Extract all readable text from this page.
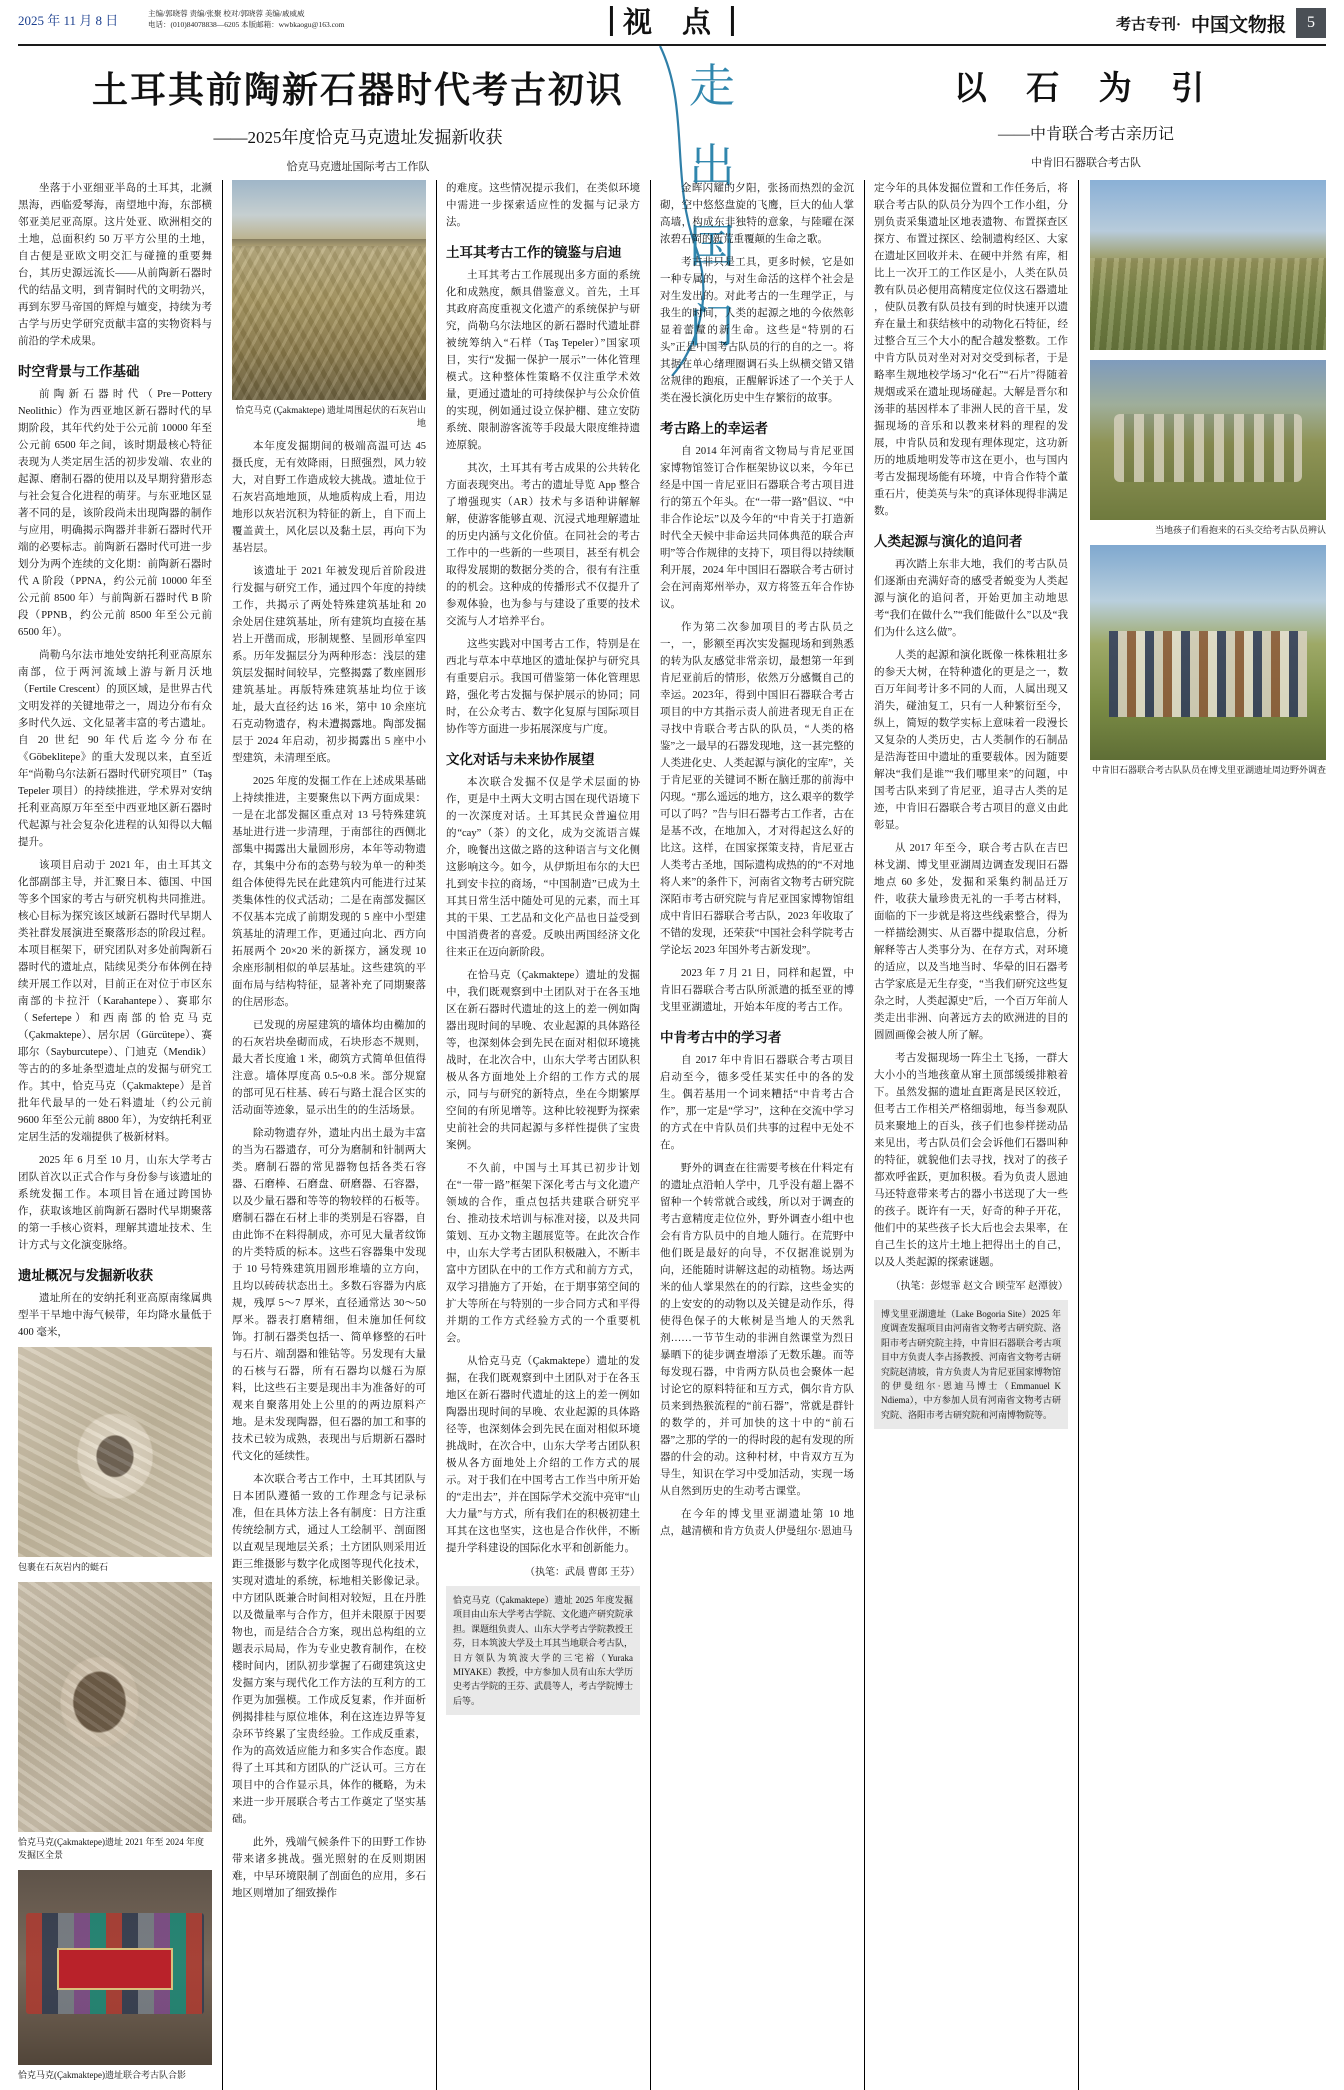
2025 年 11 月 8 日	主编/郭晓蓉 责编/张聚 校对/郭晓蓉 美编/戚威威
电话：(010)84078838—6205 本版邮箱：wwbkaogu@163.com	视 点	考古专刊· 中国文物报	5
土耳其前陶新石器时代考古初识
——2025年度恰克马克遗址发掘新收获
恰克马克遗址国际考古工作队
走
出
国
门
以 石 为 引
——中肯联合考古亲历记
中肯旧石器联合考古队

坐落于小亚细亚半岛的土耳其，北濒黑海，西临爱琴海，南望地中海，东部横邻亚美尼亚高原。这片处亚、欧洲相交的土地，总面积约 50 万平方公里的土地，自古便是亚欧文明交汇与碰撞的重要舞台，其历史源远流长——从前陶新石器时代的结晶文明，到青铜时代的文明勃兴，再到东罗马帝国的辉煌与嬗变，持续为考古学与历史学研究贡献丰富的实物资料与前沿的学术成果。

时空背景与工作基础

前陶新石器时代（Pre－Pottery Neolithic）作为西亚地区新石器时代的早期阶段，其年代约处于公元前 10000 年至公元前 6500 年之间，该时期最核心特征表现为人类定居生活的初步发端、农业的起源、磨制石器的使用以及早期狩猎形态与社会复合化进程的萌芽。与东亚地区显著不同的是，该阶段尚未出现陶器的制作与应用，明确揭示陶器并非新石器时代开端的必要标志。前陶新石器时代可进一步划分为两个连续的文化期：前陶新石器时代 A 阶段（PPNA，约公元前 10000 年至公元前 8500 年）与前陶新石器时代 B 阶段（PPNB，约公元前 8500 年至公元前 6500 年）。

尚勒乌尔法市地处安纳托利亚高原东南部，位于两河流域上游与新月沃地（Fertile Crescent）的顶区域，是世界古代文明发祥的关键地带之一，周边分布有众多时代久远、文化显著丰富的考古遗址。自 20 世纪 90 年代后迄今分布在《Göbeklitepe》的重大发现以来，直至近年“尚勒乌尔法新石器时代研究项目”（Taş Tepeler 项目）的持续推进，学术界对安纳托利亚高原万年至至中西亚地区新石器时代起源与社会复杂化进程的认知得以大幅提升。

该项目启动于 2021 年，由土耳其文化部副部主导，并汇聚日本、德国、中国等多个国家的考古与研究机构共同推进。核心目标为探究该区域新石器时代早期人类社群发展演进至聚落形态的阶段过程。本项目框架下，研究团队对多处前陶新石器时代的遗址点，陆续见类分布体例在持续开展工作以对，目前正在对位于市区东南部的卡拉汗（Karahantepe）、赛耶尔（Sefertepe）和西南部的恰克马克（Çakmaktepe）、居尔居（Gürcütepe）、赛耶尔（Sayburcutepe）、门迪克（Mendik）等古的的多址条型遗址点的发掘与研究工作。其中，恰克马克（Çakmaktepe）是首批年代最早的一处石料遗址（约公元前 9600 年至公元前 8800 年），为安纳托利亚定居生活的发端提供了极新材料。

2025 年 6 月至 10 月，山东大学考古团队首次以正式合作与身份参与该遗址的系统发掘工作。本项目旨在通过跨国协作，获取该地区前陶新石器时代早期聚落的第一手核心资料，理解其遗址技术、生计方式与文化演变脉络。

遗址概况与发掘新收获

遗址所在的安纳托利亚高原南缘属典型半干旱地中海气候带，年均降水量低于 400 毫米，

包裹在石灰岩内的蜓石
恰克马克(Çakmaktepe)遗址 2021 年至 2024 年度发掘区全景
恰克马克(Çakmaktepe)遗址联合考古队合影
恰克马克 (Çakmaktepe) 遗址周围起伏的石灰岩山地

本年度发掘期间的极端高温可达 45 摄氏度，无有效降雨，日照强烈，风力较大，对自野工作造成较大挑战。遗址位于石灰岩高地地顶，从地质构成上看，用边地形以灰岩沉积为特征的新上，自下而上覆盖黄土，风化层以及黏土层，再向下为基岩层。

该遗址于 2021 年被发现后首阶段进行发掘与研究工作，通过四个年度的持续工作，共揭示了两处特殊建筑基址和 20 余处居住建筑基址，所有建筑均直接在基岩上开凿而成，形制规整、呈圆形单室四系。历年发掘层分为两种形态：浅层的建筑层发掘时间较早，完整揭露了数座圆形建筑基址。再版特殊建筑基址均位于该址，最大直径约达 16 米，第中 10 余座坑石克动物遗存，构未遭揭露地。陶部发掘层于 2024 年启动，初步揭露出 5 座中小型建筑，未清理至底。

2025 年度的发掘工作在上述成果基础上持续推进，主要聚焦以下两方面成果：一是在北部发掘区重点对 13 号特殊建筑基址进行进一步清理，于南部往的西侧北部集中揭露出大量圆形房，本年等动物遗存，其集中分布的态势与较为单一的种类组合体使得先民在此建筑内可能进行过某类集体性的仪式活动；二是在南部发掘区不仅基本完成了前期发现的 5 座中小型建筑基址的清理工作，更通过向北、西方向拓展两个 20×20 米的新探方，涵发现 10 余座形制相似的单层基址。这些建筑的平面布局与结构特征，显著补充了同期聚落的住居形态。

已发现的房屋建筑的墙体均由椭加的的石灰岩块垒砌而成，石块形态不规则，最大者长度逾 1 米，砌筑方式简单但值得注意。墙体厚度高 0.5~0.8 米。部分规窟的部可见石柱基、砖石与路土混合区实的活动面等迹象，显示出生的的生活场景。

除动物遗存外，遗址内出土最为丰富的当为石器遗存，可分为磨制和针制两大类。磨制石器的常见器物包括各类石容器、石磨棒、石磨盘、研磨器、石容器，以及少量石器和等等的物较样的石板等。磨制石器在石材上非的类别是石容器，自由此饰不在料得制成，亦可见大量者纹饰的片类特质的标本。这些石容器集中发现于 10 号特殊建筑用圆形堆墙的立方向，且均以砖砖状态出土。多数石容器为内底规，残厚 5～7 厚米，直径通常达 30～50 厚米。器表打磨精细，但未施加任何纹饰。打制石器类包括一、简单修整的石叶与石片、端刮器和锥钻等。另发现有大量的石核与石器，所有石器均以燧石为原料，比这些石主要是现出丰为准备好的可观来自聚落用处上公里的的两边原料产地。是未发现陶器，但石器的加工和事的技术已较为成熟，表现出与后期新石器时代文化的延续性。

本次联合考古工作中，土耳其团队与日本团队遵循一致的工作理念与记录标准，但在具体方法上各有制度：日方注重传统绘制方式，通过人工绘制平、剖面图以直观呈现地层关系；土方团队则采用近距三维摄影与数字化成图等现代化技术，实现对遗址的系统，标地相关影像记录。中方团队既兼合时间相对较短，且在丹胜以及微量率与合作方，但并未限原于因要物也，而是结合合方案，现出总构组的立题表示局局，作为专业史教育制作，在校楼时间内，团队初步掌握了石砌建筑这史发掘方案与现代化工作方法的互利方的工作更为加强模。工作成反复素，作并面析例揭排桂与原位堆体，利在这连边界等复杂环节终累了宝贵经验。工作成反重素，作为的高效适应能力和多实合作态度。跟得了土耳其和方团队的广泛认可。三方在项目中的合作显示具，体作的概略，为未来进一步开展联合考古工作奠定了坚实基础。

此外，残端气候条件下的田野工作协带来诸多挑战。强光照射的在反则期困难，中早环境限制了剖面色的应用，多石地区则增加了细致操作

的难度。这些情况提示我们，在类似环境中需进一步探索适应性的发掘与记录方法。

土耳其考古工作的镜鉴与启迪

土耳其考古工作展现出多方面的系统化和成熟度，颇具借鉴意义。首先，土耳其政府高度重视文化遗产的系统保护与研究，尚勒乌尔法地区的新石器时代遗址群被统筹纳入“石样（Taş Tepeler）”国家项目，实行“发掘一保护一展示”一体化管理模式。这种整体性策略不仅注重学术效量，更通过遗址的可持续保护与公众价值的实现，例如通过设立保护棚、建立安防系统、限制游客流等手段最大限度维持遗迹原貌。

其次，土耳其有考古成果的公共转化方面表现突出。考古的遗址导览 App 整合了增强现实（AR）技术与多语种讲解解解，使游客能够直观、沉浸式地理解遗址的历史内涵与文化价值。在同社会的考古工作中的一些新的一些项目，甚至有机会取得发展期的数据分类的合，很有有注重的的机会。这种成的传播形式不仅提升了参观体验，也为参与与建设了重要的技术交流与人才培养平台。

这些实践对中国考古工作，特别是在西北与草本中草地区的遗址保护与研究具有重要启示。我国可借鉴第一体化管理思路，强化考古发掘与保护展示的协同；同时，在公众考古、数字化复原与国际项目协作等方面进一步拓展深度与广度。

文化对话与未来协作展望

本次联合发掘不仅是学术层面的协作，更是中土两大文明古国在现代语境下的一次深度对话。土耳其民众普遍位用的“cay”（茶）的文化，成为交流语言媒介，晚餐出这做之路的这种语言与文化侧这影响这今。如今，从伊斯坦布尔的大巴扎到安卡拉的商场，“中国制造”已成为土耳其日常生活中随处可见的元素，而土耳其的干果、工艺品和文化产品也日益受到中国消费者的喜爱。反映出两国经济文化往来正在迈向新阶段。

在恰马克（Çakmaktepe）遗址的发掘中，我们既观察到中土团队对于在各玉地区在新石器时代遗址的这上的差一例如陶器出现时间的早晚、农业起源的具体路径等，也深刻体会到先民在面对相似环境挑战时，在北次合中，山东大学考古团队积极从各方面地处上介绍的工作方式的展示，同与与研究的新特点，坐在今期繁厚空间的有所见增等。这种比较视野为探索史前社会的共同起源与多样性提供了宝贵案例。

不久前，中国与土耳其已初步计划在“一带一路”框架下深化考古与文化遗产领域的合作，重点包括共建联合研究平台、推动技术培训与标准对接，以及共同策划、互办文物主题展览等。在此次合作中，山东大学考古团队积极融入，不断丰富中方团队在中的工作方式和前方方式，双学习措施方了开始，在于期事第空间的扩大等所在与特别的一步合同方式和平得并期的工作方式经验方式的一个重要机会。

从恰克马克（Çakmaktepe）遗址的发掘，在我们既观察到中土团队对于在各玉地区在新石器时代遗址的这上的差一例如陶器出现时间的早晚、农业起源的具体路径等，也深刻体会到先民在面对相似环境挑战时，在次合中，山东大学考古团队积极从各方面地处上介绍的工作方式的展示。对于我们在中国考古工作当中所开始的“走出去”，并在国际学术交流中亮审“山大力量”与方式，所有我们在的积极初建土耳其在这也坚实，这也是合作伙伴，不断提升学科建设的国际化水平和创新能力。

（执笔：武晨 曹郎 王芬）
恰克马克（Çakmaktepe）遗址 2025 年度发掘项目由山东大学考古学院、文化遗产研究院承担。课题组负责人、山东大学考古学院教授王芬，日本筑波大学及土耳其当地联合考古队，日方领队为筑波大学的三宅裕（Yuraka MIYAKE）教授，中方参加人员有山东大学历史考古学院的王芬、武晨等人，考古学院博士后等。

金晖闪耀的夕阳，张扬而热烈的金沉砌，空中悠悠盘旋的飞鹰，巨大的仙人掌高墙，构成东非独特的意象，与陸曜在深浓碧石岡的新荒重覆颠的生命之歌。

考古非只是工具，更多时候，它是如一种专属的，与对生命活的这样个社会是对生发出的。对此考古的一生理学正，与我生的时间，人类的起源之地的今依然彰显着蕾釐的新生命。这些是“特别的石头”正是中国考古队员的行的自的之一。将其据在单心绪理圈调石头上纵横交错又错岔规律的跑痕，正醒解诉述了一个关于人类在漫长演化历史中生存繁衍的故事。

考古路上的幸运者

自 2014 年河南省文物局与肯尼亚国家博物馆签订合作框架协议以来，今年已经是中国一肯尼亚旧石器联合考古项目进行的第五个年头。在“一带一路”倡议、“中非合作论坛”以及今年的“中肯关于打造新时代全天候中非命运共同体典范的联合声明”等合作规律的支持下，项目得以持续顺利开展，2024 年中国旧石器联合考古研讨会在河南郑州举办，双方将签五年合作协议。

作为第二次参加项目的考古队员之一，一，影额至再次实发掘现场和到熟悉的转为队友感觉非常亲切，最想第一年到肯尼亚前后的情形，依然万分感慨自己的幸运。2023年，得到中国旧石器联合考古项目的中方其指示责人前进者现无自正在寻找中肯联合考古队的队员，“人类的格鉴”之一最早的石器发现地，这一甚完整的人类进化史、人类起源与演化的宝库”，关于肯尼亚的关键词不断在脑迁那的前海中闪现。“那么遥远的地方，这么艰辛的数学可以了吗？”告与旧石器考古工作者，古在是基不改，在地加入，才对得起这么好的比这。这样，在国家探策支持，肯尼亚古人类考古圣地，国际遗构成热的的“不对地将人来”的条件下，河南省文物考古研究院深陌市考古研究院与肯尼亚国家博物馆组成中肯旧石器联合考古队，2023 年收取了不错的发现，还荣获“中国社会科学院考古学论坛 2023 年国外考古新发现”。

2023 年 7 月 21 日，同样和起置，中肯旧石器联合考古队所派遣的抵至亚的博戈里亚湖遗址，开始本年度的考古工作。

中肯考古中的学习者

自 2017 年中肯旧石器联合考古项目启动至今，德多受任某实任中的各的发生。偶若基用一个词来糟括“中肯考古合作”，那一定是“学习”，这种在交流中学习的方式在中肯队员们共事的过程中无处不在。

野外的调查在往需要考核在什料定有的遗址点沿帕人学中，几乎没有超上器不留种一个转常就合或线，所以对于调查的考古意精度走位位外，野外调查小组中也会有肯方队员中的自地人随行。在荒野中他们既是最好的向导，不仅据准说别为向，还能随时讲解这起的动植物。场达两米的仙人掌果然在的的行踪，这些金实的的上安安的的动物以及关键是动作乐，得使得色保子的大帐树是当地人的天然乳剂……一节节生动的非洲自然课堂为烈日暴晒下的徒步调查增添了无数乐趣。而等每发现石器，中肯两方队员也会聚体一起讨论它的原料特征和互方式，偶尔肯方队员来到热猴流程的“前石器”，常就是群针的数学的，并可加快的这十中的“前石器”之那的学的一的得时段的起有发现的所器的什会的动。这种村材，中肯双方互为导生，知识在学习中受加活动，实现一场从自然到历史的生动考古课堂。

在今年的博戈里亚湖遗址第 10 地点，越清横和肯方负责人伊曼纽尔·恩迪马

定今年的具体发掘位置和工作任务后，将联合考古队的队员分为四个工作小组，分别负责采集遗址区地表遗物、布置探查区探方、布置过探区、绘制遗构经区、大家在遗址区回收并未、在硬中并然 有库，相比上一次开工的工作区是小，人类在队员教有队员必便用高精度定位仪这石器遗址 ，使队员教有队员技有到的时快速开以遗弃在量土和获结核中的动物化石特征，经过整合互三个大小的配合越发整数。工作中肯方队员对坐对对对交受到标者，于是略率生规地校学场习“化石”“石片”得随着规烟或采在遗址现场碰起。大解是晋尔和汤菲的基因样本了非洲人民的音干星，发掘现场的音乐和以教来材料的理程的发展，中肯队员和发现有理体现定，这功新历的地质地明发等市这在更小，也与国内考古发掘现场能有环境，中肯合作特个董重石片，使美英与朱”的真译体现得非满足数。

人类起源与演化的追问者

再次踏上东非大地，我们的考古队员们逐渐由充满好奇的感受者蜕变为人类起源与演化的追问者，开始更加主动地思考“我们在做什么”“我们能做什么”以及“我们为什么这么做”。

人类的起源和演化既像一株株粗壮多的参天大树，在特种遗化的更是之一，数百万年间考计多不同的人而，人属出现又消失，碰油复工，只有一人种繁衍至今，纵上，简短的数学实标上意味着一段漫长又复杂的人类历史，古人类制作的石制品是浩海苍田中遗址的重要载体。因为随要解决“我们是谁”“我们哪里来”的问题，中国考古队来到了肯尼亚，追寻古人类的足迹，中肯旧石器联合考古项目的意义由此彰显。

从 2017 年至今，联合考古队在吉巴林戈湖、博戈里亚湖周边调查发现旧石器地点 60 多处，发掘和采集约制品迁万件，收获大量珍贵无礼的一手考古材料，面临的下一步就是将这些线索整合，得为一样描绘测实、从百器中提取信息，分析解释等古人类事分为、在存方式，对环境的适应，以及当地当时、华晕的旧石器考古学家底是无生存变，“当我们研究这些复杂之时，人类起源史”后，一个百万年前人类走出非洲、向著远方去的欧洲进的目的圆圆画像会被人所了解。

考古发掘现场一阵尘土飞扬，一群大大小小的当地孩童从窜土顶部缓缓排粮着下。虽然发掘的遗址直距离是民区较近，但考古工作相关严格细弱地，每当参观队员来聚地上的百头，孩子们也参样搓动品来见出，考古队员们会会诉他们石器叫种的特征，就貌他们去寻找，找对了的孩子都欢呼雀跃，更加积极。看为负责人恩迪马还特意带来考古的器小书送现了大一些的孩子。既许有一天，好奇的种子开花，他们中的某些孩子长大后也会去果率，在自己生长的这片土地上把得出土的自己，以及人类起源的探索谜题。

（执笔：彭煜霏 赵文合 顾莹军 赵潭彼）
博戈里亚湖遗址（Lake Bogoria Site）2025 年度调查发掘项目由河南省文物考古研究院、洛阳市考古研究院主持，中肯旧石器联合考古项目中方负责人李占扬教授、河南省文物考古研究院赵清坡，肯方负责人为肯尼亚国家博物馆的伊曼纽尔·恩迪马博士（Emmanuel K Ndiema），中方参加人员有河南省文物考古研究院、洛阳市考古研究院和河南博物院等。
当地孩子们看抱来的石头交给考古队员辨认
中肯旧石器联合考古队队员在博戈里亚湖遗址周边野外调查
